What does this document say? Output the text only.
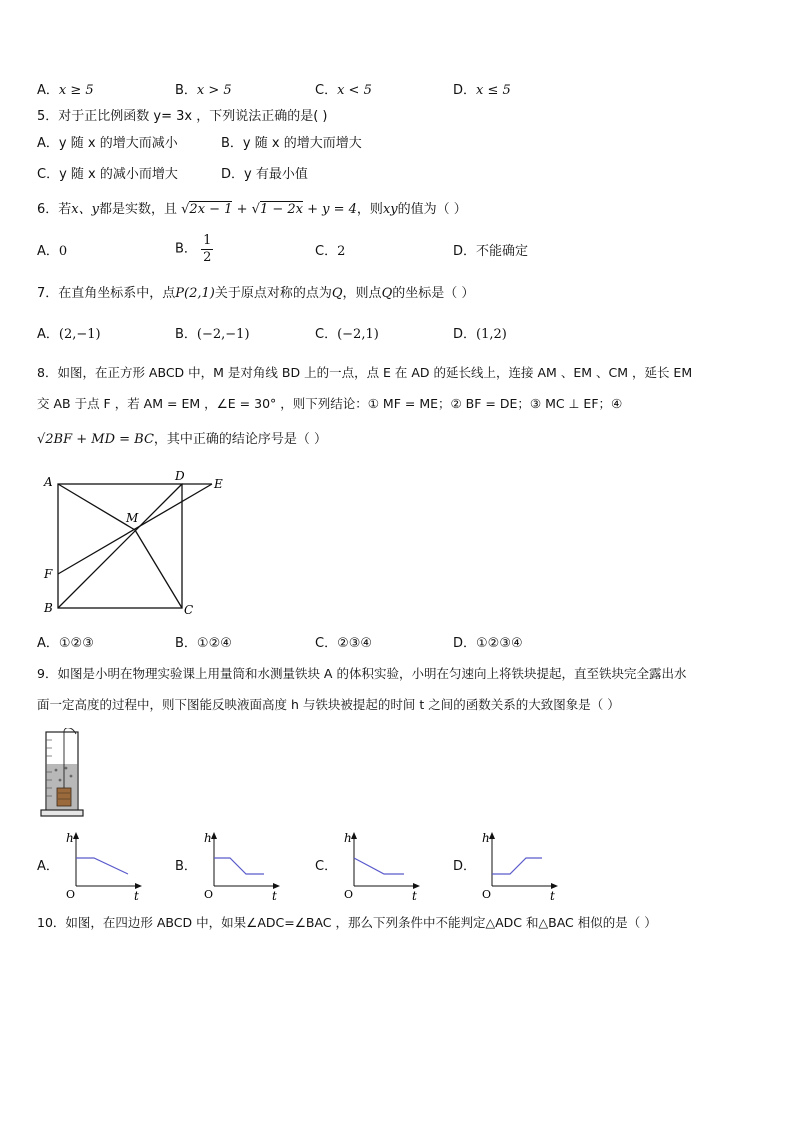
A．x ≥ 5	B．x > 5	C．x < 5	D．x ≤ 5
5．对于正比例函数 y= 3x ，下列说法正确的是( )
A．y 随 x 的增大而减小	B．y 随 x 的增大而增大
C．y 随 x 的减小而增大	D．y 有最小值
6．若x、y都是实数，且 √2x − 1 + √1 − 2x + y = 4，则xy的值为（ ）
A．0	B． $\frac{1}{2}$	C．2	D．不能确定
7．在直角坐标系中，点P(2,1)关于原点对称的点为Q，则点Q的坐标是（ ）
A．(2,−1)	B．(−2,−1)	C．(−2,1)	D．(1,2)
8．如图，在正方形 ABCD 中，M 是对角线 BD 上的一点，点 E 在 AD 的延长线上，连接 AM 、EM 、CM ，延长 EM
交 AB 于点 F ，若 AM = EM ，∠E = 30° ，则下列结论：① MF = ME；② BF = DE；③ MC ⊥ EF；④
√2BF + MD = BC，其中正确的结论序号是（ ）
A	D
E
M
F
B	C
A．①②③	B．①②④	C．②③④	D．①②③④
9．如图是小明在物理实验课上用量筒和水测量铁块 A 的体积实验，小明在匀速向上将铁块提起，直至铁块完全露出水
面一定高度的过程中，则下图能反映液面高度 h 与铁块被提起的时间 t 之间的函数关系的大致图象是（ ）
A．	B．	C．	D．
h
O	t
h
O	t
h
O	t
h
O	t
10．如图，在四边形 ABCD 中，如果∠ADC=∠BAC ，那么下列条件中不能判定△ADC 和△BAC 相似的是（ ）
